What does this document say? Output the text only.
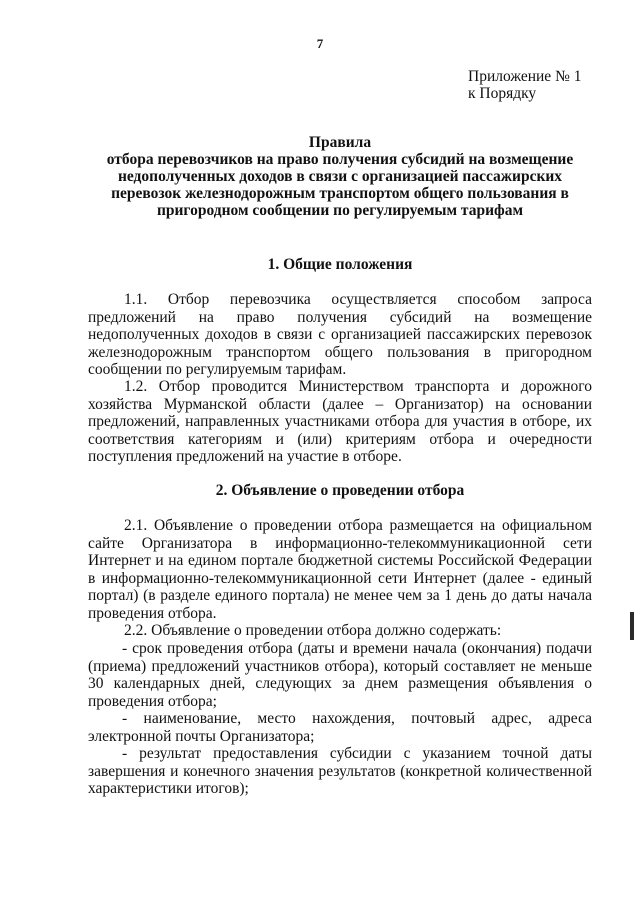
7
Приложение № 1
к Порядку
Правила
отбора перевозчиков на право получения субсидий на возмещение
недополученных доходов в связи с организацией пассажирских
перевозок железнодорожным транспортом общего пользования в
пригородном сообщении по регулируемым тарифам
1. Общие положения

1.1. Отбор перевозчика осуществляется способом запроса предложений на право получения субсидий на возмещение недополученных доходов в связи с организацией пассажирских перевозок железнодорожным транспортом общего пользования в пригородном сообщении по регулируемым тарифам.

1.2. Отбор проводится Министерством транспорта и дорожного хозяйства Мурманской области (далее – Организатор) на основании предложений, направленных участниками отбора для участия в отборе, их соответствия категориям и (или) критериям отбора и очередности поступления предложений на участие в отборе.

2. Объявление о проведении отбора

2.1. Объявление о проведении отбора размещается на официальном сайте Организатора в информационно-телекоммуникационной сети Интернет и на едином портале бюджетной системы Российской Федерации в информационно-телекоммуникационной сети Интернет (далее - единый портал) (в разделе единого портала) не менее чем за 1 день до даты начала проведения отбора.

2.2. Объявление о проведении отбора должно содержать:

- срок проведения отбора (даты и времени начала (окончания) подачи (приема) предложений участников отбора), который составляет не меньше 30 календарных дней, следующих за днем размещения объявления о проведения отбора;

- наименование, место нахождения, почтовый адрес, адреса электронной почты Организатора;

- результат предоставления субсидии с указанием точной даты завершения и конечного значения результатов (конкретной количественной характеристики итогов);
